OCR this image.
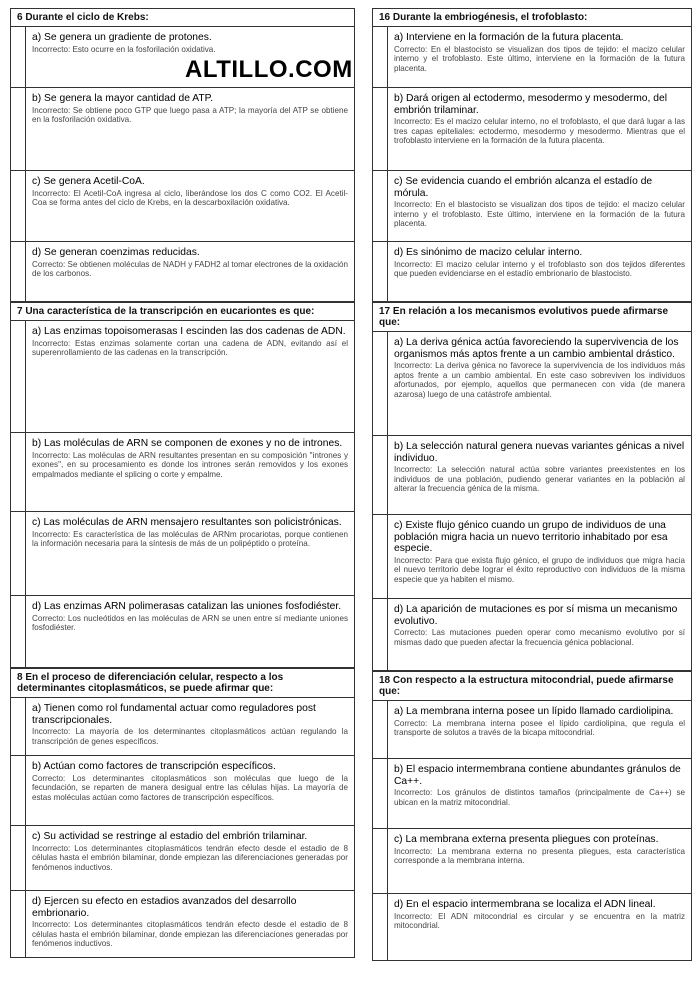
6 Durante el ciclo de Krebs:
a) Se genera un gradiente de protones.
Incorrecto: Esto ocurre en la fosforilación oxidativa.
b) Se genera la mayor cantidad de ATP.
Incorrecto: Se obtiene poco GTP que luego pasa a ATP; la mayoría del ATP se obtiene en la fosforilación oxidativa.
c) Se genera Acetil-CoA.
Incorrecto: El Acetil-CoA ingresa al ciclo, liberándose los dos C como CO2. El Acetil-Coa se forma antes del ciclo de Krebs, en la descarboxilación oxidativa.
d) Se generan coenzimas reducidas.
Correcto: Se obtienen moléculas de NADH y FADH2 al tomar electrones de la oxidación de los carbonos.
7 Una característica de la transcripción en eucariontes es que:
a) Las enzimas topoisomerasas I escinden las dos cadenas de ADN.
Incorrecto: Estas enzimas solamente cortan una cadena de ADN, evitando así el superenrollamiento de las cadenas en la transcripción.
b) Las moléculas de ARN se componen de exones y no de intrones.
Incorrecto: Las moléculas de ARN resultantes presentan en su composición "intrones y exones", en su procesamiento es donde los intrones serán removidos y los exones empalmados mediante el splicing o corte y empalme.
c) Las moléculas de ARN mensajero resultantes son policistrónicas.
Incorrecto: Es característica de las moléculas de ARNm procariotas, porque contienen la información necesaria para la síntesis de más de un polipéptido o proteína.
d) Las enzimas ARN polimerasas catalizan las uniones fosfodiéster.
Correcto: Los nucleótidos en las moléculas de ARN se unen entre sí mediante uniones fosfodiéster.
8 En el proceso de diferenciación celular, respecto a los determinantes citoplasmáticos, se puede afirmar que:
a) Tienen como rol fundamental actuar como reguladores post transcripcionales.
Incorrecto: La mayoría de los determinantes citoplasmáticos actúan regulando la transcripción de genes específicos.
b) Actúan como factores de transcripción específicos.
Correcto: Los determinantes citoplasmáticos son moléculas que luego de la fecundación, se reparten de manera desigual entre las células hijas. La mayoría de estas moléculas actúan como factores de transcripción específicos.
c) Su actividad se restringe al estadio del embrión trilaminar.
Incorrecto: Los determinantes citoplasmáticos tendrán efecto desde el estadio de 8 células hasta el embrión bilaminar, donde empiezan las diferenciaciones generadas por fenómenos inductivos.
d) Ejercen su efecto en estadios avanzados del desarrollo embrionario.
Incorrecto: Los determinantes citoplasmáticos tendrán efecto desde el estadio de 8 células hasta el embrión bilaminar, donde empiezan las diferenciaciones generadas por fenómenos inductivos.
16 Durante la embriogénesis, el trofoblasto:
a) Interviene en la formación de la futura placenta.
Correcto: En el blastocisto se visualizan dos tipos de tejido: el macizo celular interno y el trofoblasto. Este último, interviene en la formación de la futura placenta.
b) Dará origen al ectodermo, mesodermo y mesodermo, del embrión trilaminar.
Incorrecto: Es el macizo celular interno, no el trofoblasto, el que dará lugar a las tres capas epiteliales: ectodermo, mesodermo y mesodermo. Mientras que el trofoblasto interviene en la formación de la futura placenta.
c) Se evidencia cuando el embrión alcanza el estadío de mórula.
Incorrecto: En el blastocisto se visualizan dos tipos de tejido: el macizo celular interno y el trofoblasto. Este último, interviene en la formación de la futura placenta.
d) Es sinónimo de macizo celular interno.
Incorrecto: El macizo celular interno y el trofoblasto son dos tejidos diferentes que pueden evidenciarse en el estadío embrionario de blastocisto.
17 En relación a los mecanismos evolutivos puede afirmarse que:
a) La deriva génica actúa favoreciendo la supervivencia de los organismos más aptos frente a un cambio ambiental drástico.
Incorrecto: La deriva génica no favorece la supervivencia de los individuos más aptos frente a un cambio ambiental. En este caso sobreviven los individuos afortunados, por ejemplo, aquellos que permanecen con vida (de manera azarosa) luego de una catástrofe ambiental.
b) La selección natural genera nuevas variantes génicas a nivel individuo.
Incorrecto: La selección natural actúa sobre variantes preexistentes en los individuos de una población, pudiendo generar variantes en la población al alterar la frecuencia génica de la misma.
c) Existe flujo génico cuando un grupo de individuos de una población migra hacia un nuevo territorio inhabitado por esa especie.
Incorrecto: Para que exista flujo génico, el grupo de individuos que migra hacia el nuevo territorio debe lograr el éxito reproductivo con individuos de la misma especie que ya habiten el mismo.
d) La aparición de mutaciones es por sí misma un mecanismo evolutivo.
Correcto: Las mutaciones pueden operar como mecanismo evolutivo por sí mismas dado que pueden afectar la frecuencia génica poblacional.
18 Con respecto a la estructura mitocondrial, puede afirmarse que:
a) La membrana interna posee un lípido llamado cardiolipina.
Correcto: La membrana interna posee el lípido cardiolipina, que regula el transporte de solutos a través de la bicapa mitocondrial.
b) El espacio intermembrana contiene abundantes gránulos de Ca++.
Incorrecto: Los gránulos de distintos tamaños (principalmente de Ca++) se ubican en la matriz mitocondrial.
c) La membrana externa presenta pliegues con proteínas.
Incorrecto: La membrana externa no presenta pliegues, esta característica corresponde a la membrana interna.
d) En el espacio intermembrana se localiza el ADN lineal.
Incorrecto: El ADN mitocondrial es circular y se encuentra en la matriz mitocondrial.
ALTILLO.COM
